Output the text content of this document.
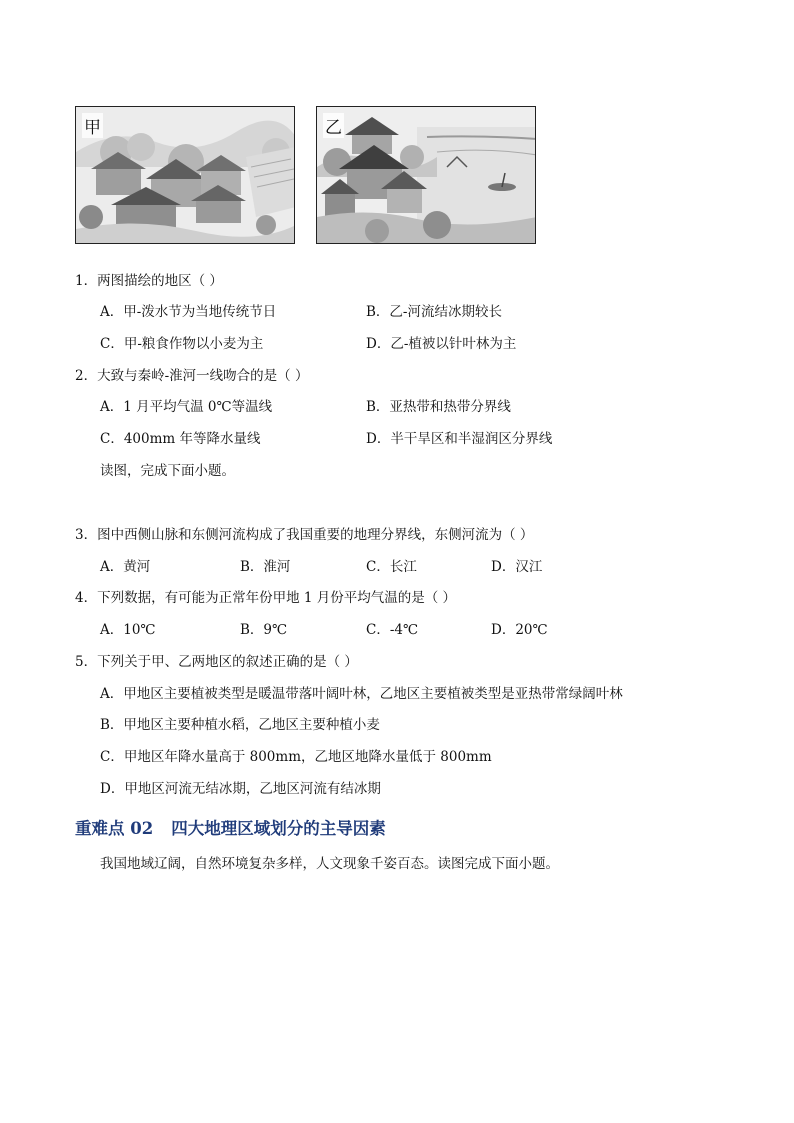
甲	乙
1．两图描绘的地区（ ）
A．甲-泼水节为当地传统节日	B．乙-河流结冰期较长
C．甲-粮食作物以小麦为主	D．乙-植被以针叶林为主
2．大致与秦岭-淮河一线吻合的是（ ）
A．1 月平均气温 0℃等温线	B．亚热带和热带分界线
C．400mm 年等降水量线	D．半干旱区和半湿润区分界线
读图，完成下面小题。
3．图中西侧山脉和东侧河流构成了我国重要的地理分界线，东侧河流为（ ）
A．黄河	B．淮河	C．长江	D．汉江
4．下列数据，有可能为正常年份甲地 1 月份平均气温的是（ ）
A．10℃	B．9℃	C．-4℃	D．20℃
5．下列关于甲、乙两地区的叙述正确的是（ ）
A．甲地区主要植被类型是暖温带落叶阔叶林，乙地区主要植被类型是亚热带常绿阔叶林
B．甲地区主要种植水稻，乙地区主要种植小麦
C．甲地区年降水量高于 800mm，乙地区地降水量低于 800mm
D．甲地区河流无结冰期，乙地区河流有结冰期
重难点 02 四大地理区域划分的主导因素
我国地域辽阔，自然环境复杂多样，人文现象千姿百态。读图完成下面小题。
